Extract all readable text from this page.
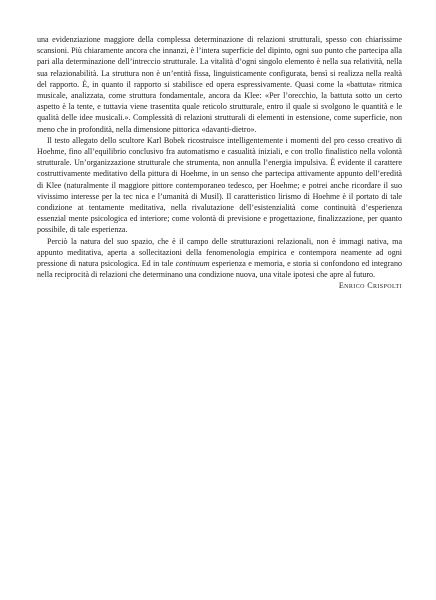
una evidenziazione maggiore della complessa determinazione di relazioni strutturali, spesso con chiarissime scansioni. Più chiaramente ancora che innanzi, è l’intera superficie del dipinto, ogni suo punto che partecipa alla pari alla determinazione dell’intreccio strutturale. La vitalità d’ogni singolo elemento è nella sua relatività, nella sua relazionabilità. La struttura non è un’entità fissa, linguisticamente configurata, bensì si realizza nella realtà del rapporto. È, in quanto il rapporto si stabilisce ed opera espressivamente. Quasi come la «battuta» ritmica musicale, analizzata, come struttura fondamentale, ancora da Klee: «Per l’orecchio, la battuta sotto un certo aspetto è la tente, e tuttavia viene trasentita quale reticolo strutturale, entro il quale si svolgono le quantità e le qualità delle idee musicali.». Complessità di relazioni strutturali di elementi in estensione, come superficie, non meno che in profondità, nella dimensione pittorica «davanti-dietro».

Il testo allegato dello scultore Karl Bobek ricostruisce intelligentemente i momenti del pro cesso creativo di Hoehme, fino all’equilibrio conclusivo fra automatismo e casualità iniziali, e con trollo finalistico nella volontà strutturale. Un’organizzazione strutturale che strumenta, non annulla l’energia impulsiva. È evidente il carattere costruttivamente meditativo della pittura di Hoehme, in un senso che partecipa attivamente appunto dell’eredità di Klee (naturalmente il maggiore pittore contemporaneo tedesco, per Hoehme; e potrei anche ricordare il suo vivissimo interesse per la tec nica e l’umanità di Musil). Il caratteristico lirismo di Hoehme è il portato di tale condizione at tentamente meditativa, nella rivalutazione dell’esistenzialità come continuità d’esperienza essenzial mente psicologica ed interiore; come volontà di previsione e progettazione, finalizzazione, per quanto possibile, di tale esperienza.

Perciò la natura del suo spazio, che è il campo delle strutturazioni relazionali, non è immagi nativa, ma appunto meditativa, aperta a sollecitazioni della fenomenologia empirica e contempora neamente ad ogni pressione di natura psicologica. Ed in tale continuum esperienza e memoria, e storia si confondono ed integrano nella reciprocità di relazioni che determinano una condizione nuova, una vitale ipotesi che apre al futuro.

Enrico Crispolti
